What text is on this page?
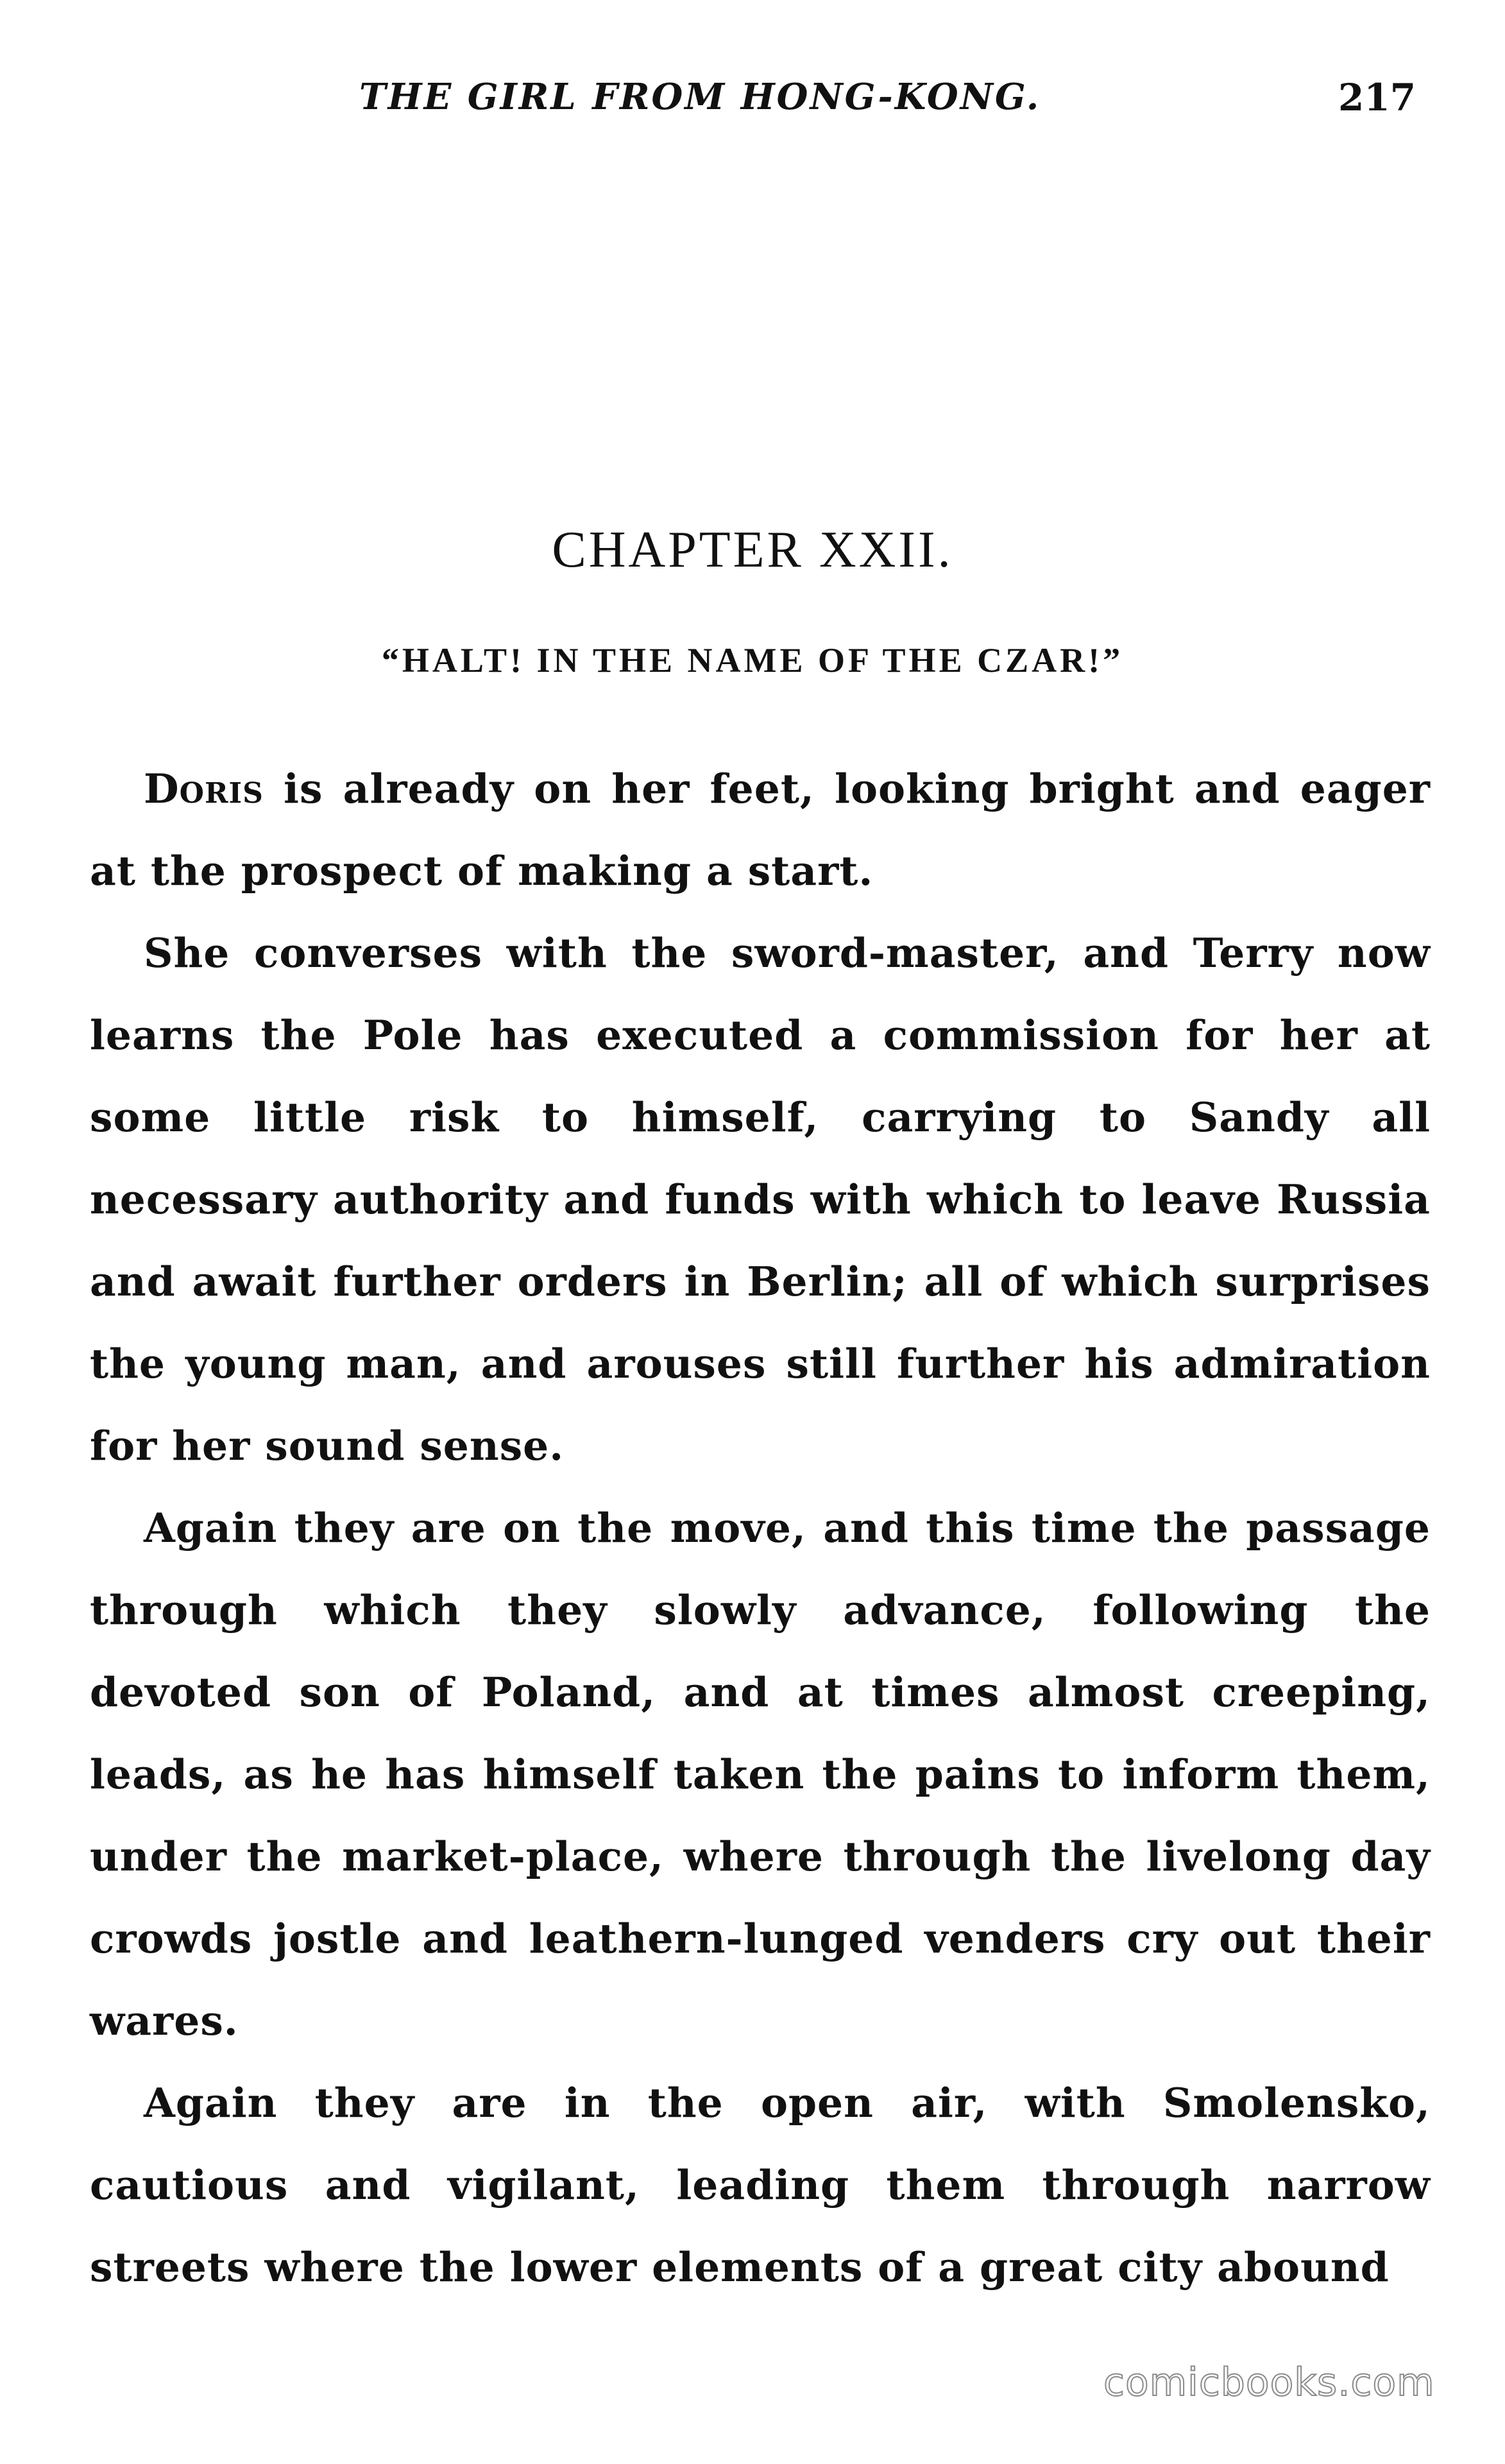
THE GIRL FROM HONG-KONG.	217
CHAPTER XXII.
“HALT! IN THE NAME OF THE CZAR!”

Doris is already on her feet, looking bright and eager at the prospect of making a start.

She converses with the sword-master, and Terry now learns the Pole has executed a commission for her at some little risk to himself, carrying to Sandy all necessary authority and funds with which to leave Russia and await further orders in Berlin; all of which surprises the young man, and arouses still further his admiration for her sound sense.

Again they are on the move, and this time the passage through which they slowly advance, following the devoted son of Poland, and at times almost creeping, leads, as he has himself taken the pains to inform them, under the market-place, where through the livelong day crowds jostle and leathern-lunged venders cry out their wares.

Again they are in the open air, with Smolensko, cautious and vigilant, leading them through narrow streets where the lower elements of a great city abound

comicbooks.com
